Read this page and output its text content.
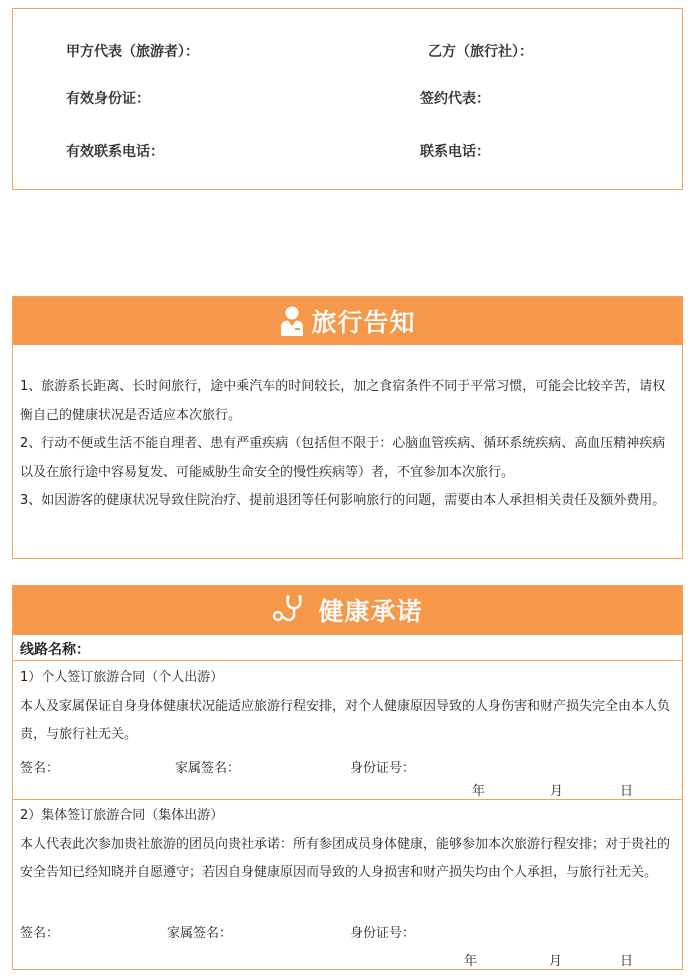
甲方代表（旅游者）：	乙方（旅行社）：
有效身份证：	签约代表：
有效联系电话：	联系电话：
旅行告知

1、旅游系长距离、长时间旅行，途中乘汽车的时间较长，加之食宿条件不同于平常习惯，可能会比较辛苦，请权衡自己的健康状况是否适应本次旅行。

2、行动不便或生活不能自理者、患有严重疾病（包括但不限于：心脑血管疾病、循环系统疾病、高血压精神疾病以及在旅行途中容易复发、可能威胁生命安全的慢性疾病等）者，不宜参加本次旅行。

3、如因游客的健康状况导致住院治疗、提前退团等任何影响旅行的问题，需要由本人承担相关责任及额外费用。

健康承诺
线路名称：

1）个人签订旅游合同（个人出游）

本人及家属保证自身身体健康状况能适应旅游行程安排，对个人健康原因导致的人身伤害和财产损失完全由本人负责，与旅行社无关。

签名：	家属签名：	身份证号：
年	月	日

2）集体签订旅游合同（集体出游）

本人代表此次参加贵社旅游的团员向贵社承诺：所有参团成员身体健康，能够参加本次旅游行程安排；对于贵社的安全告知已经知晓并自愿遵守；若因自身健康原因而导致的人身损害和财产损失均由个人承担，与旅行社无关。

签名：	家属签名：	身份证号：
年	月	日
